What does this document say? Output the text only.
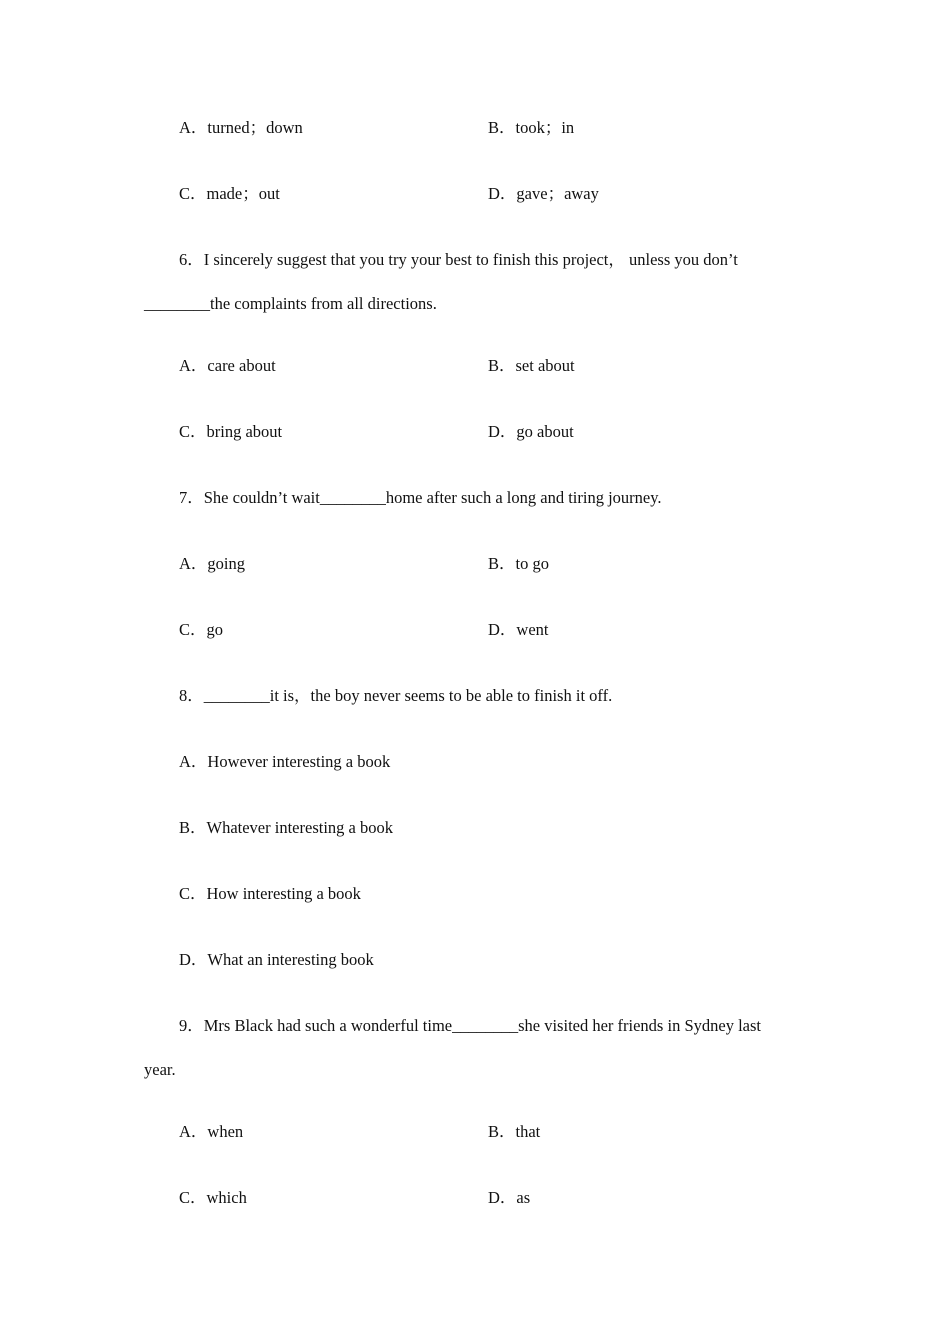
A．turned；down	B．took；in
C．made；out	D．gave；away
6．I sincerely suggest that you try your best to finish this project， unless you don’t
________the complaints from all directions.
A．care about	B．set about
C．bring about	D．go about
7．She couldn’t wait________home after such a long and tiring journey.
A．going	B．to go
C．go	D．went
8．________it is，the boy never seems to be able to finish it off.
A．However interesting a book
B．Whatever interesting a book
C．How interesting a book
D．What an interesting book
9．Mrs Black had such a wonderful time________she visited her friends in Sydney last
year.
A．when	B．that
C．which	D．as
